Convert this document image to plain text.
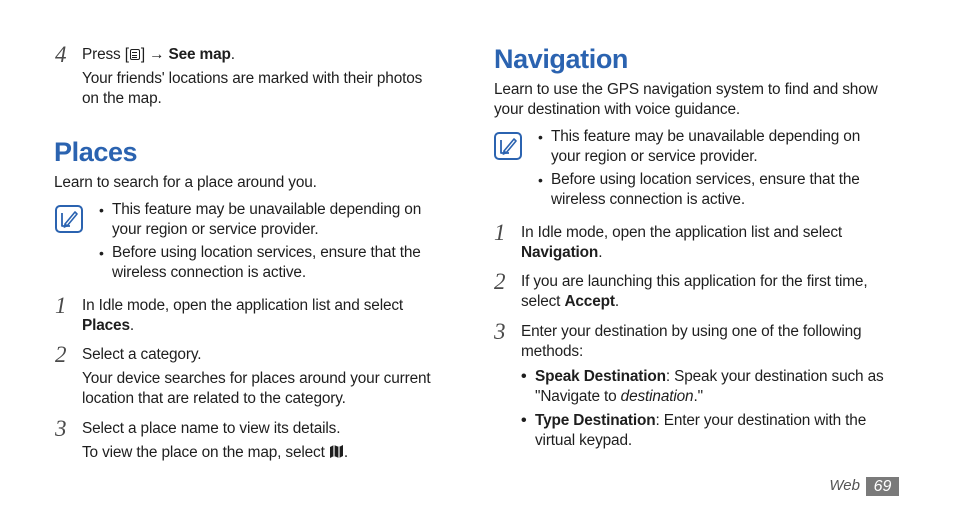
4 Press [ ] → See map.
Your friends' locations are marked with their photos
on the map.
Places
Learn to search for a place around you.
• This feature may be unavailable depending on
your region or service provider.
• Before using location services, ensure that the
wireless connection is active.
1 In Idle mode, open the application list and select
Places.
2 Select a category.
Your device searches for places around your current
location that are related to the category.
3 Select a place name to view its details.
To view the place on the map, select .
Navigation
Learn to use the GPS navigation system to find and show
your destination with voice guidance.
• This feature may be unavailable depending on
your region or service provider.
• Before using location services, ensure that the
wireless connection is active.
1 In Idle mode, open the application list and select
Navigation.
2 If you are launching this application for the first time,
select Accept.
3 Enter your destination by using one of the following
methods:
• Speak Destination: Speak your destination such as
"Navigate to destination."
• Type Destination: Enter your destination with the
virtual keypad.
Web 69
